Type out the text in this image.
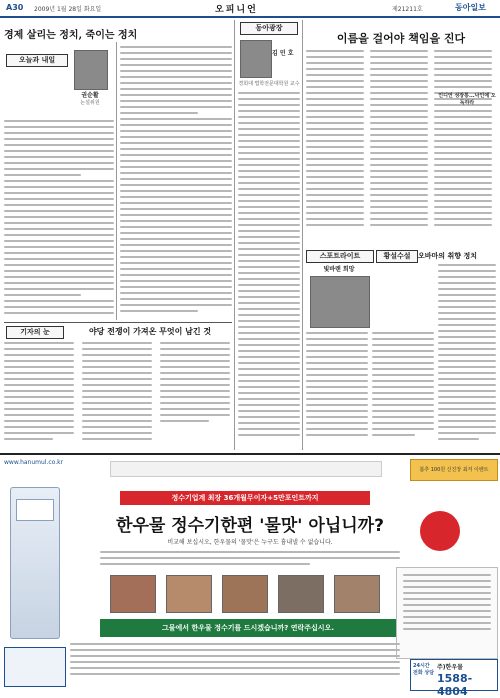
A30 2009년 1월 28일 화요일	오피니언	제21211호	동아일보
경제 살리는 정치, 죽이는 정치
오늘과 내일
권순활
논설위원
기자의 눈	야당 전쟁이 가져온 무엇이 남긴 것
동아광장
김 민 호
경희대 법학전문대학원 교수
이름을 걸어야 책임을 진다
스포트라이트
빛바랜 희망
황설수설	오바마의 취향 정치
인디언 성장통...낙인에 오독하라
www.hanumul.co.kr
봄추 100원 신진장 최저 이벤트
정수기업계 최장 36개월무이자+5만포인트까지
한우물 정수기한편 '물맛' 아닙니까?
비교해 보십시오, 한우물의 '물맛'은 누구도 흉내낼 수 없습니다.
그물에서 한우물 정수기를 드시겠습니까? 연락주십시오.
24시간 전화 상담
주)한우물
1588-4804
